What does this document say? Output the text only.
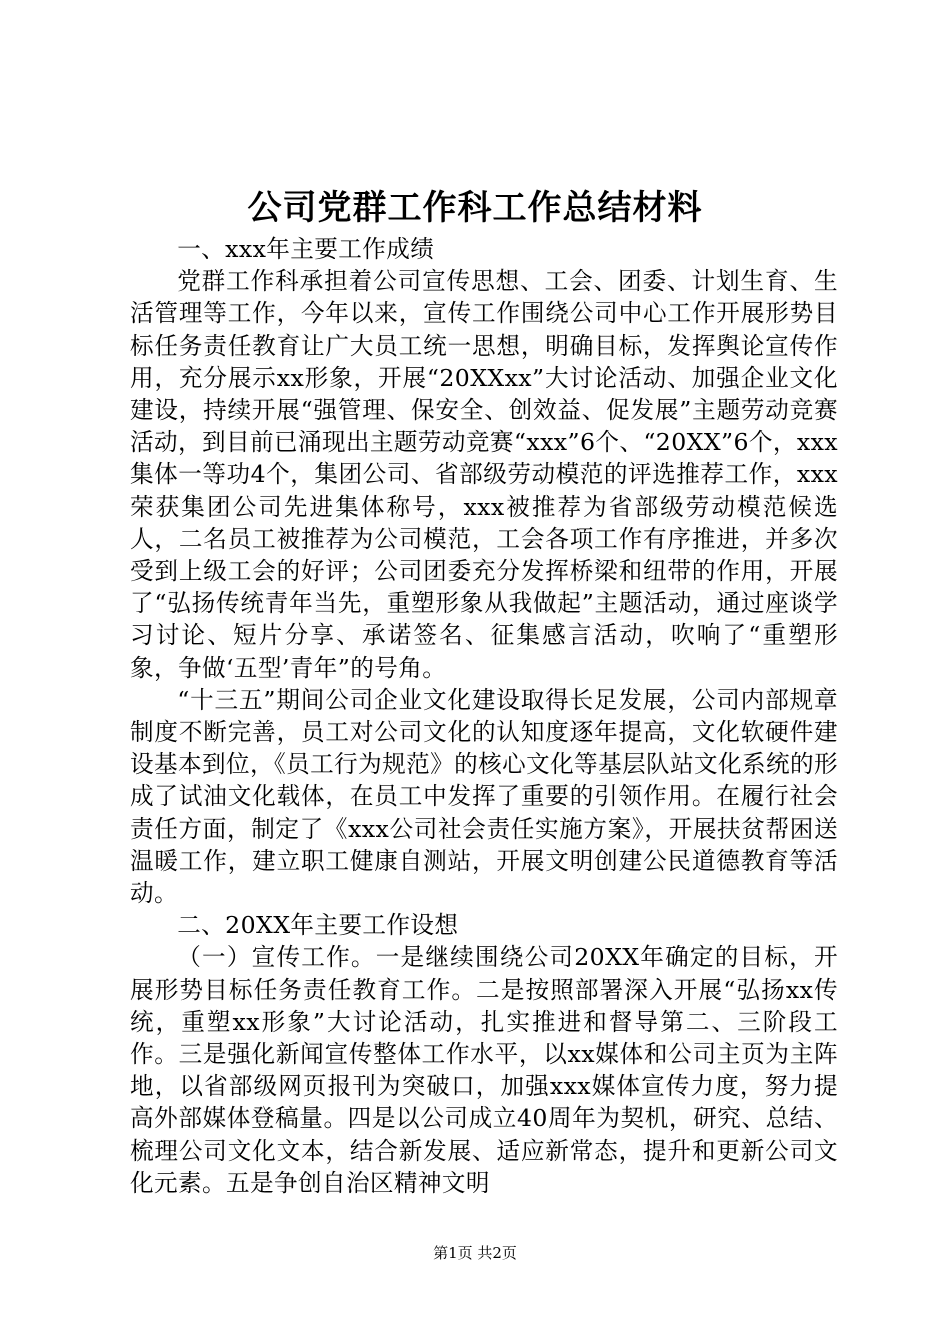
公司党群工作科工作总结材料

一、xxx年主要工作成绩

党群工作科承担着公司宣传思想、工会、团委、计划生育、生活管理等工作，今年以来，宣传工作围绕公司中心工作开展形势目标任务责任教育让广大员工统一思想，明确目标，发挥舆论宣传作用，充分展示xx形象，开展“20XXxx”大讨论活动、加强企业文化建设，持续开展“强管理、保安全、创效益、促发展”主题劳动竞赛活动，到目前已涌现出主题劳动竞赛“xxx”6个、“20XX”6个，xxx集体一等功4个，集团公司、省部级劳动模范的评选推荐工作，xxx荣获集团公司先进集体称号，xxx被推荐为省部级劳动模范候选人，二名员工被推荐为公司模范，工会各项工作有序推进，并多次受到上级工会的好评；公司团委充分发挥桥梁和纽带的作用，开展了“弘扬传统青年当先，重塑形象从我做起”主题活动，通过座谈学习讨论、短片分享、承诺签名、征集感言活动，吹响了“重塑形象，争做‘五型’青年”的号角。

“十三五”期间公司企业文化建设取得长足发展，公司内部规章制度不断完善，员工对公司文化的认知度逐年提高，文化软硬件建设基本到位，《员工行为规范》的核心文化等基层队站文化系统的形成了试油文化载体，在员工中发挥了重要的引领作用。在履行社会责任方面，制定了《xxx公司社会责任实施方案》，开展扶贫帮困送温暖工作，建立职工健康自测站，开展文明创建公民道德教育等活动。

二、20XX年主要工作设想

（一）宣传工作。一是继续围绕公司20XX年确定的目标，开展形势目标任务责任教育工作。二是按照部署深入开展“弘扬xx传统，重塑xx形象”大讨论活动，扎实推进和督导第二、三阶段工作。三是强化新闻宣传整体工作水平，以xx媒体和公司主页为主阵地，以省部级网页报刊为突破口，加强xxx媒体宣传力度，努力提高外部媒体登稿量。四是以公司成立40周年为契机，研究、总结、梳理公司文化文本，结合新发展、适应新常态，提升和更新公司文化元素。五是争创自治区精神文明

第1页 共2页
